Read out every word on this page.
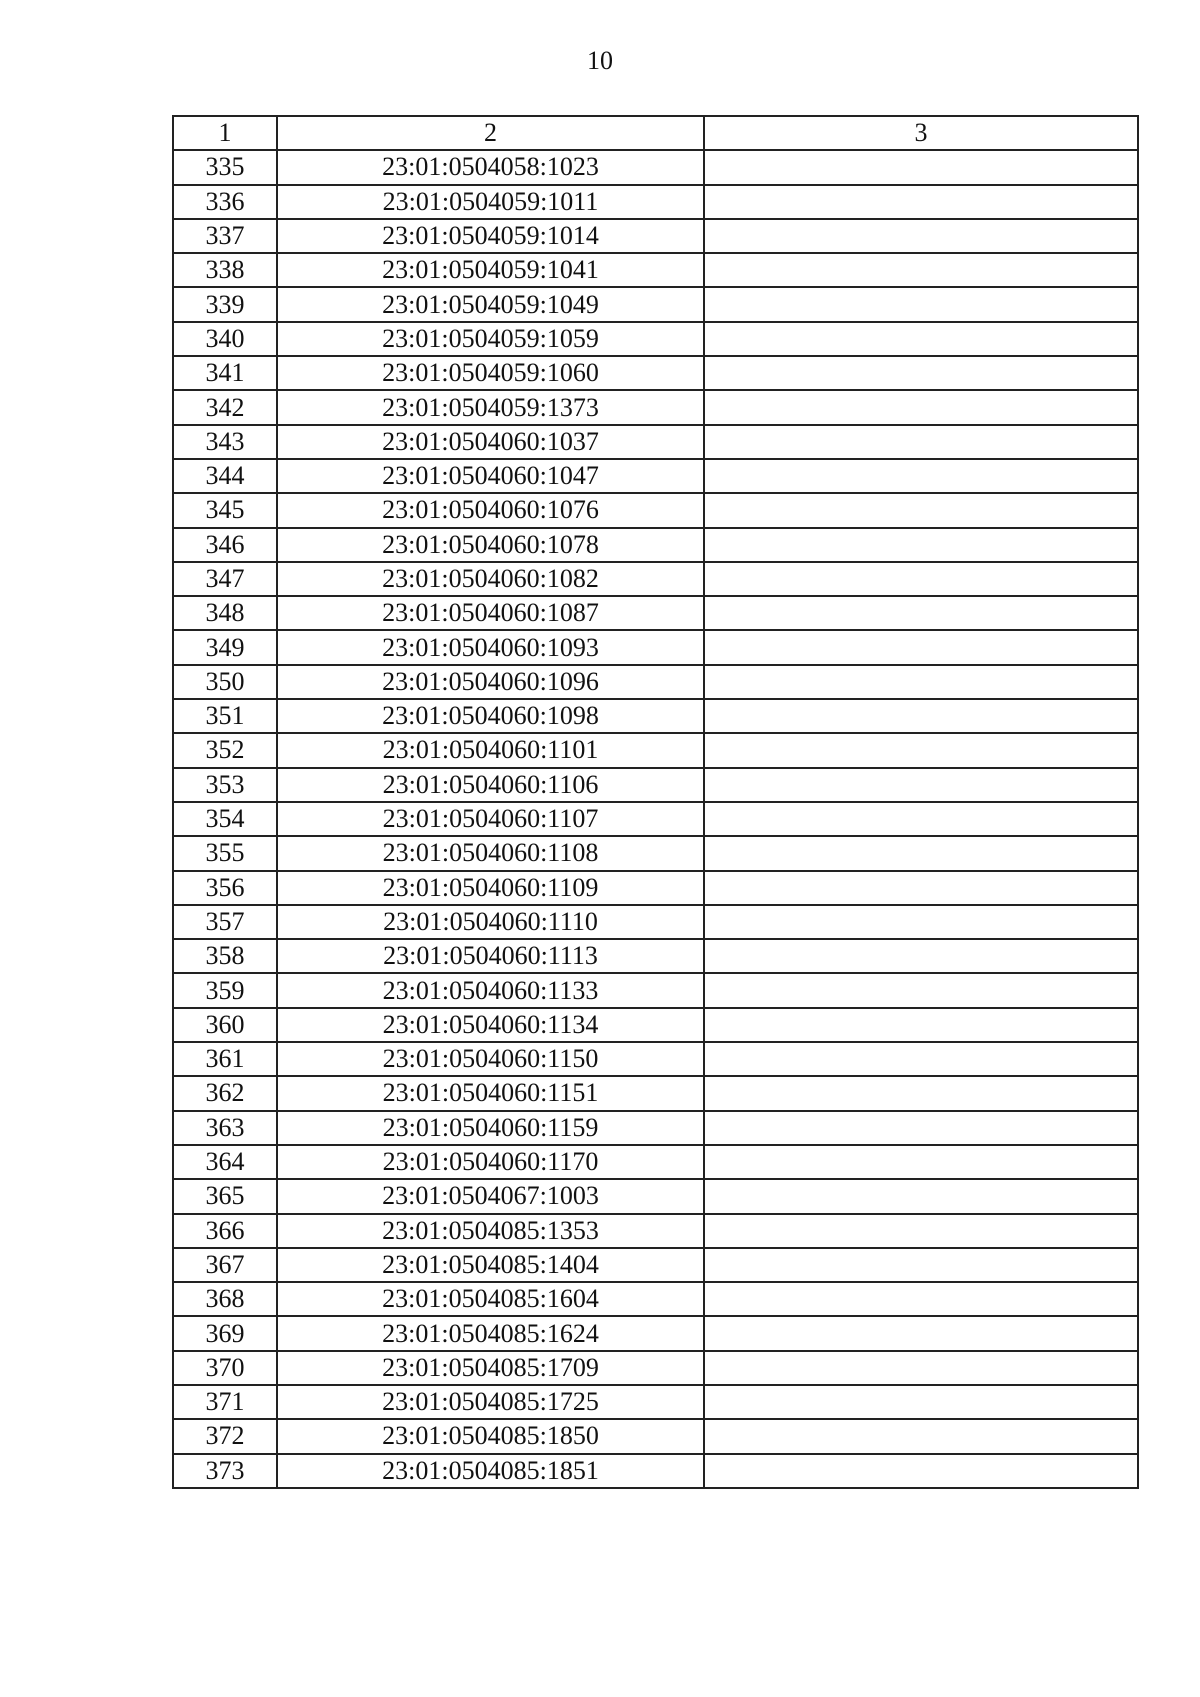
10
1	2	3
335	23:01:0504058:1023	
336	23:01:0504059:1011	
337	23:01:0504059:1014	
338	23:01:0504059:1041	
339	23:01:0504059:1049	
340	23:01:0504059:1059	
341	23:01:0504059:1060	
342	23:01:0504059:1373	
343	23:01:0504060:1037	
344	23:01:0504060:1047	
345	23:01:0504060:1076	
346	23:01:0504060:1078	
347	23:01:0504060:1082	
348	23:01:0504060:1087	
349	23:01:0504060:1093	
350	23:01:0504060:1096	
351	23:01:0504060:1098	
352	23:01:0504060:1101	
353	23:01:0504060:1106	
354	23:01:0504060:1107	
355	23:01:0504060:1108	
356	23:01:0504060:1109	
357	23:01:0504060:1110	
358	23:01:0504060:1113	
359	23:01:0504060:1133	
360	23:01:0504060:1134	
361	23:01:0504060:1150	
362	23:01:0504060:1151	
363	23:01:0504060:1159	
364	23:01:0504060:1170	
365	23:01:0504067:1003	
366	23:01:0504085:1353	
367	23:01:0504085:1404	
368	23:01:0504085:1604	
369	23:01:0504085:1624	
370	23:01:0504085:1709	
371	23:01:0504085:1725	
372	23:01:0504085:1850	
373	23:01:0504085:1851	
